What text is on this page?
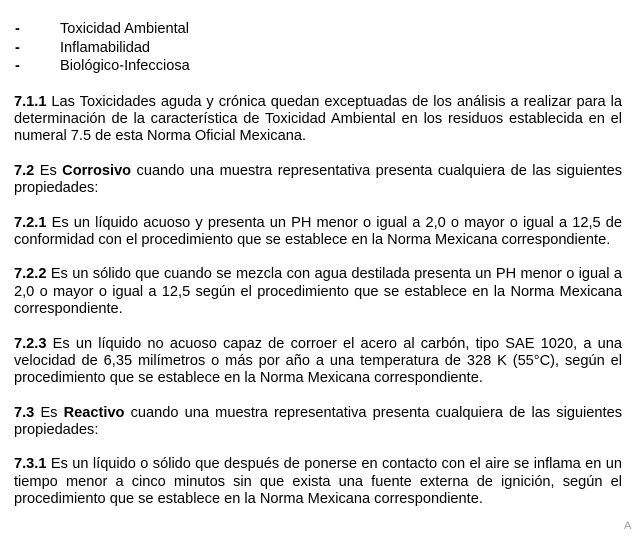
-	Toxicidad Ambiental
-	Inflamabilidad
-	Biológico-Infecciosa

7.1.1 Las Toxicidades aguda y crónica quedan exceptuadas de los análisis a realizar para la determinación de la característica de Toxicidad Ambiental en los residuos establecida en el numeral 7.5 de esta Norma Oficial Mexicana.

7.2 Es Corrosivo cuando una muestra representativa presenta cualquiera de las siguientes propiedades:

7.2.1 Es un líquido acuoso y presenta un PH menor o igual a 2,0 o mayor o igual a 12,5 de conformidad con el procedimiento que se establece en la Norma Mexicana correspondiente.

7.2.2 Es un sólido que cuando se mezcla con agua destilada presenta un PH menor o igual a 2,0 o mayor o igual a 12,5 según el procedimiento que se establece en la Norma Mexicana correspondiente.

7.2.3 Es un líquido no acuoso capaz de corroer el acero al carbón, tipo SAE 1020, a una velocidad de 6,35 milímetros o más por año a una temperatura de 328 K (55°C), según el procedimiento que se establece en la Norma Mexicana correspondiente.

7.3 Es Reactivo cuando una muestra representativa presenta cualquiera de las siguientes propiedades:

7.3.1 Es un líquido o sólido que después de ponerse en contacto con el aire se inflama en un tiempo menor a cinco minutos sin que exista una fuente externa de ignición, según el procedimiento que se establece en la Norma Mexicana correspondiente.

A
